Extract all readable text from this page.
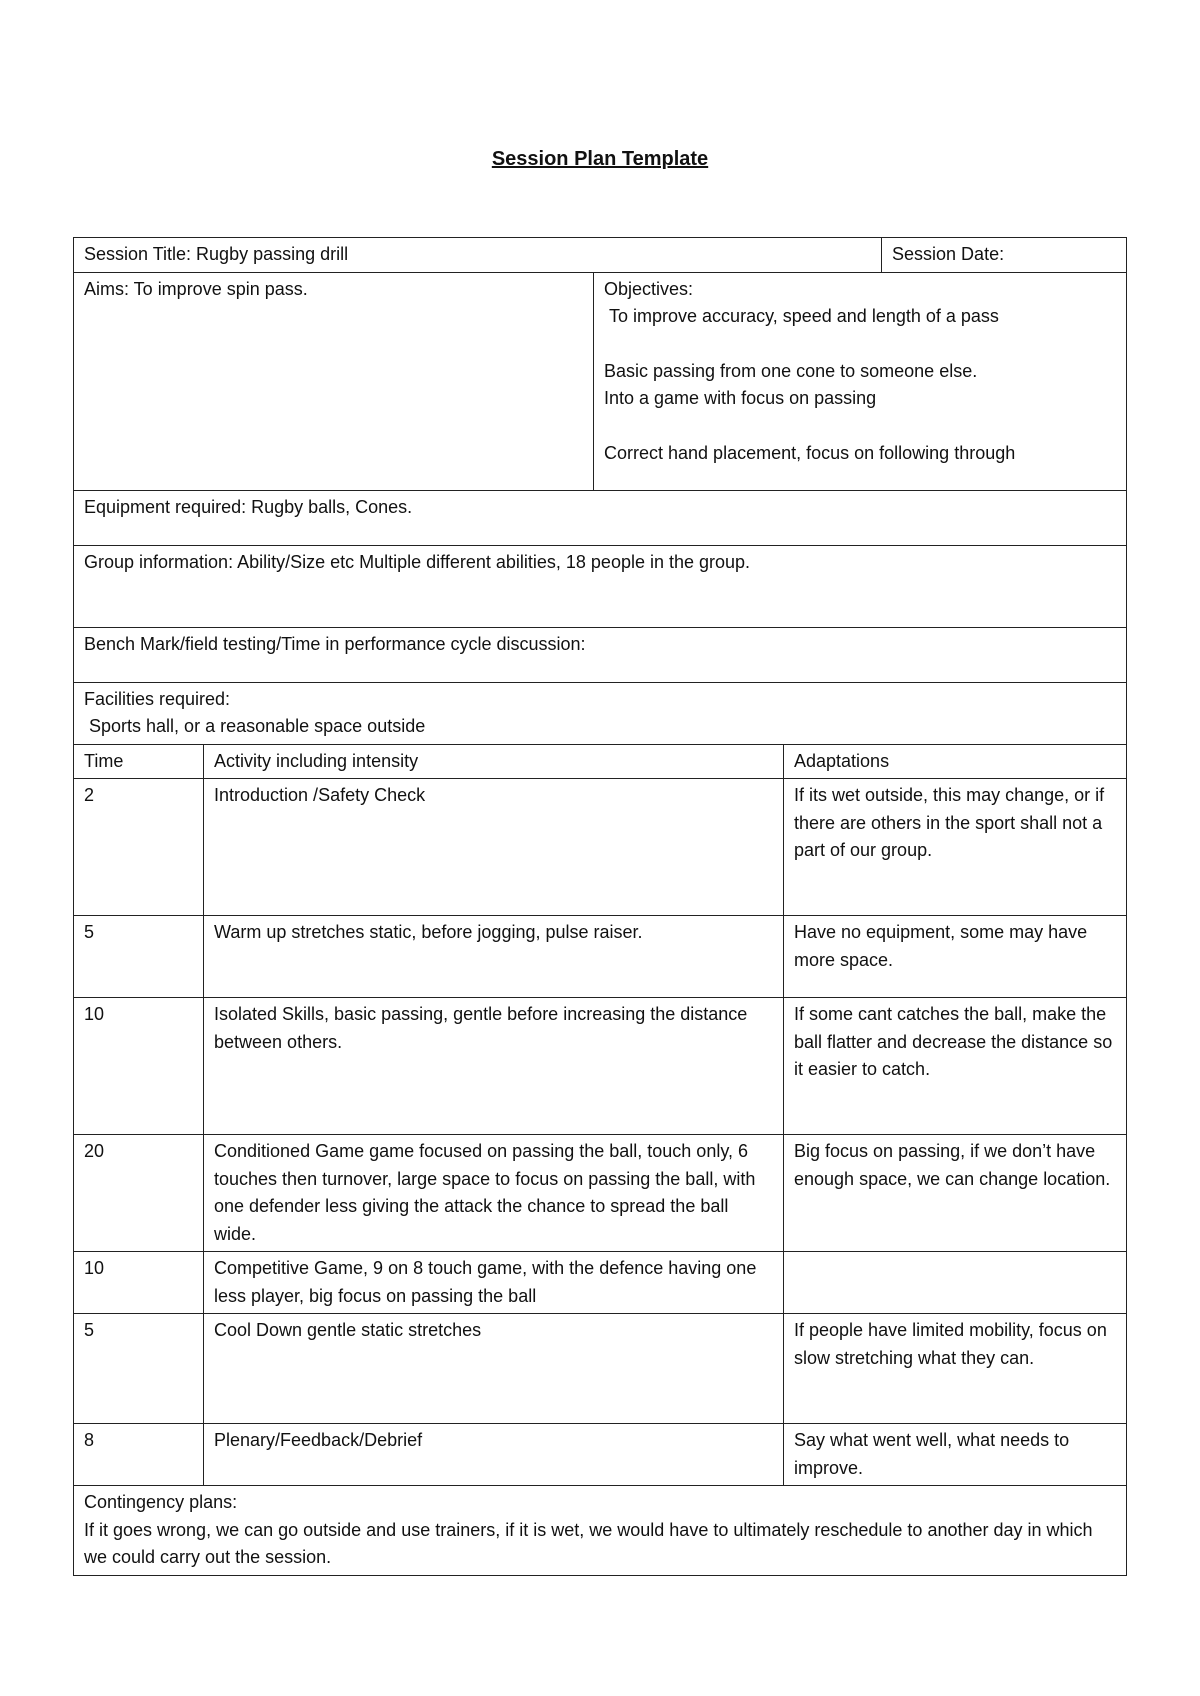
Session Plan Template
Session Title: Rugby passing drill				Session Date:
Aims: To improve spin pass.		Objectives:
To improve accuracy, speed and length of a pass
Basic passing from one cone to someone else.
Into a game with focus on passing
Correct hand placement, focus on following through		

Equipment required: Rugby balls, Cones.				
Group information: Ability/Size etc Multiple different abilities, 18 people in the group.				
Bench Mark/field testing/Time in performance cycle discussion:				

Facilities required:
Sports hall, or a reasonable space outside				

Time	Activity including intensity		Adaptations	
2	Introduction /Safety Check		If its wet outside, this may change, or if there are others in the sport shall not a part of our group.	
5	Warm up stretches static, before jogging, pulse raiser.		Have no equipment, some may have more space.	
10	Isolated Skills, basic passing, gentle before increasing the distance between others.		If some cant catches the ball, make the ball flatter and decrease the distance so it easier to catch.	
20	Conditioned Game game focused on passing the ball, touch only, 6 touches then turnover, large space to focus on passing the ball, with one defender less giving the attack the chance to spread the ball wide.		Big focus on passing, if we don’t have enough space, we can change location.	
10	Competitive Game, 9 on 8 touch game, with the defence having one less player, big focus on passing the ball			
5	Cool Down gentle static stretches		If people have limited mobility, focus on slow stretching what they can.	
8	Plenary/Feedback/Debrief		Say what went well, what needs to improve.	

Contingency plans:
If it goes wrong, we can go outside and use trainers, if it is wet, we would have to ultimately reschedule to another day in which we could carry out the session.				
